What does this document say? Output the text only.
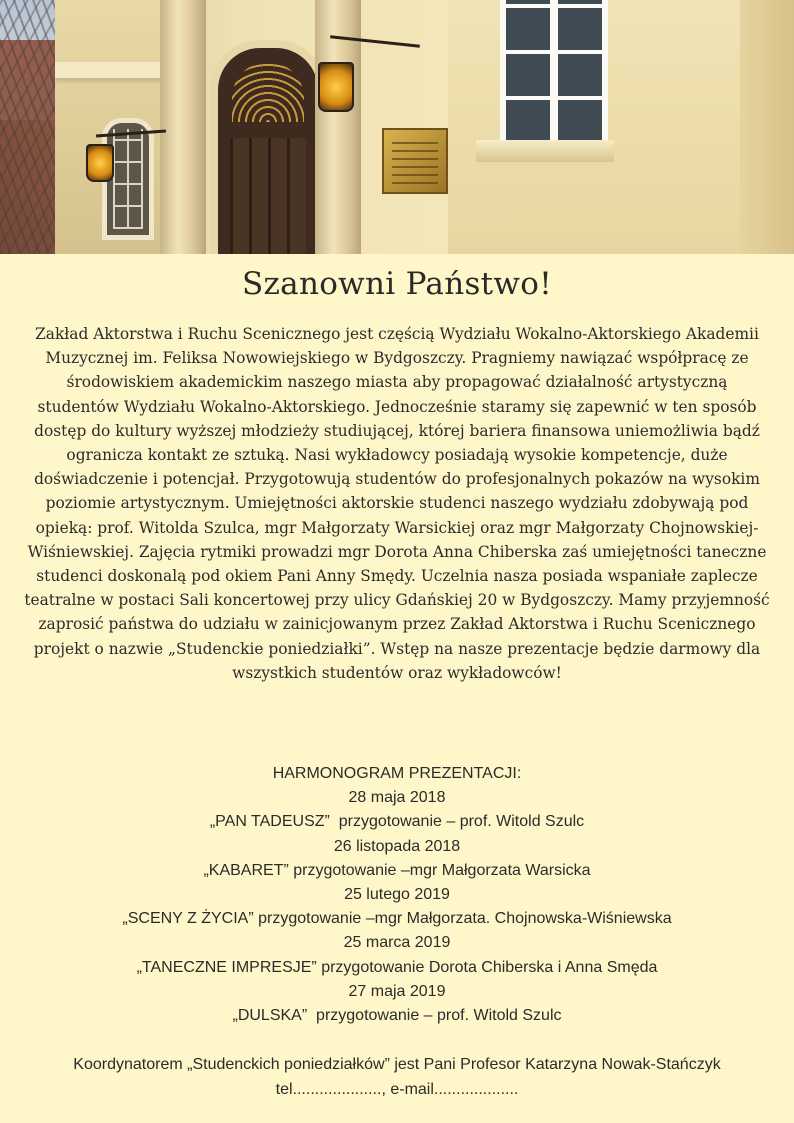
Szanowni Państwo!

Zakład Aktorstwa i Ruchu Scenicznego jest częścią Wydziału Wokalno-Aktorskiego Akademii Muzycznej im. Feliksa Nowowiejskiego w Bydgoszczy. Pragniemy nawiązać współpracę ze środowiskiem akademickim naszego miasta aby propagować działalność artystyczną studentów Wydziału Wokalno-Aktorskiego. Jednocześnie staramy się zapewnić w ten sposób dostęp do kultury wyższej młodzieży studiującej, której bariera finansowa uniemożliwia bądź ogranicza kontakt ze sztuką. Nasi wykładowcy posiadają wysokie kompetencje, duże doświadczenie i potencjał. Przygotowują studentów do profesjonalnych pokazów na wysokim poziomie artystycznym. Umiejętności aktorskie studenci naszego wydziału zdobywają pod opieką: prof. Witolda Szulca, mgr Małgorzaty Warsickiej oraz mgr Małgorzaty Chojnowskiej-Wiśniewskiej. Zajęcia rytmiki prowadzi mgr Dorota Anna Chiberska zaś umiejętności taneczne studenci doskonalą pod okiem Pani Anny Smędy. Uczelnia nasza posiada wspaniałe zaplecze teatralne w postaci Sali koncertowej przy ulicy Gdańskiej 20 w Bydgoszczy. Mamy przyjemność zaprosić państwa do udziału w zainicjowanym przez Zakład Aktorstwa i Ruchu Scenicznego projekt o nazwie „Studenckie poniedziałki”. Wstęp na nasze prezentacje będzie darmowy dla wszystkich studentów oraz wykładowców!

HARMONOGRAM PREZENTACJI:
28 maja 2018
„PAN TADEUSZ”  przygotowanie – prof. Witold Szulc
26 listopada 2018
„KABARET” przygotowanie –mgr Małgorzata Warsicka
25 lutego 2019
„SCENY Z ŻYCIA” przygotowanie –mgr Małgorzata. Chojnowska-Wiśniewska
25 marca 2019
„TANECZNE IMPRESJE” przygotowanie Dorota Chiberska i Anna Smęda
27 maja 2019
„DULSKA”  przygotowanie – prof. Witold Szulc
Koordynatorem „Studenckich poniedziałków” jest Pani Profesor Katarzyna Nowak-Stańczyk
tel...................., e-mail...................
